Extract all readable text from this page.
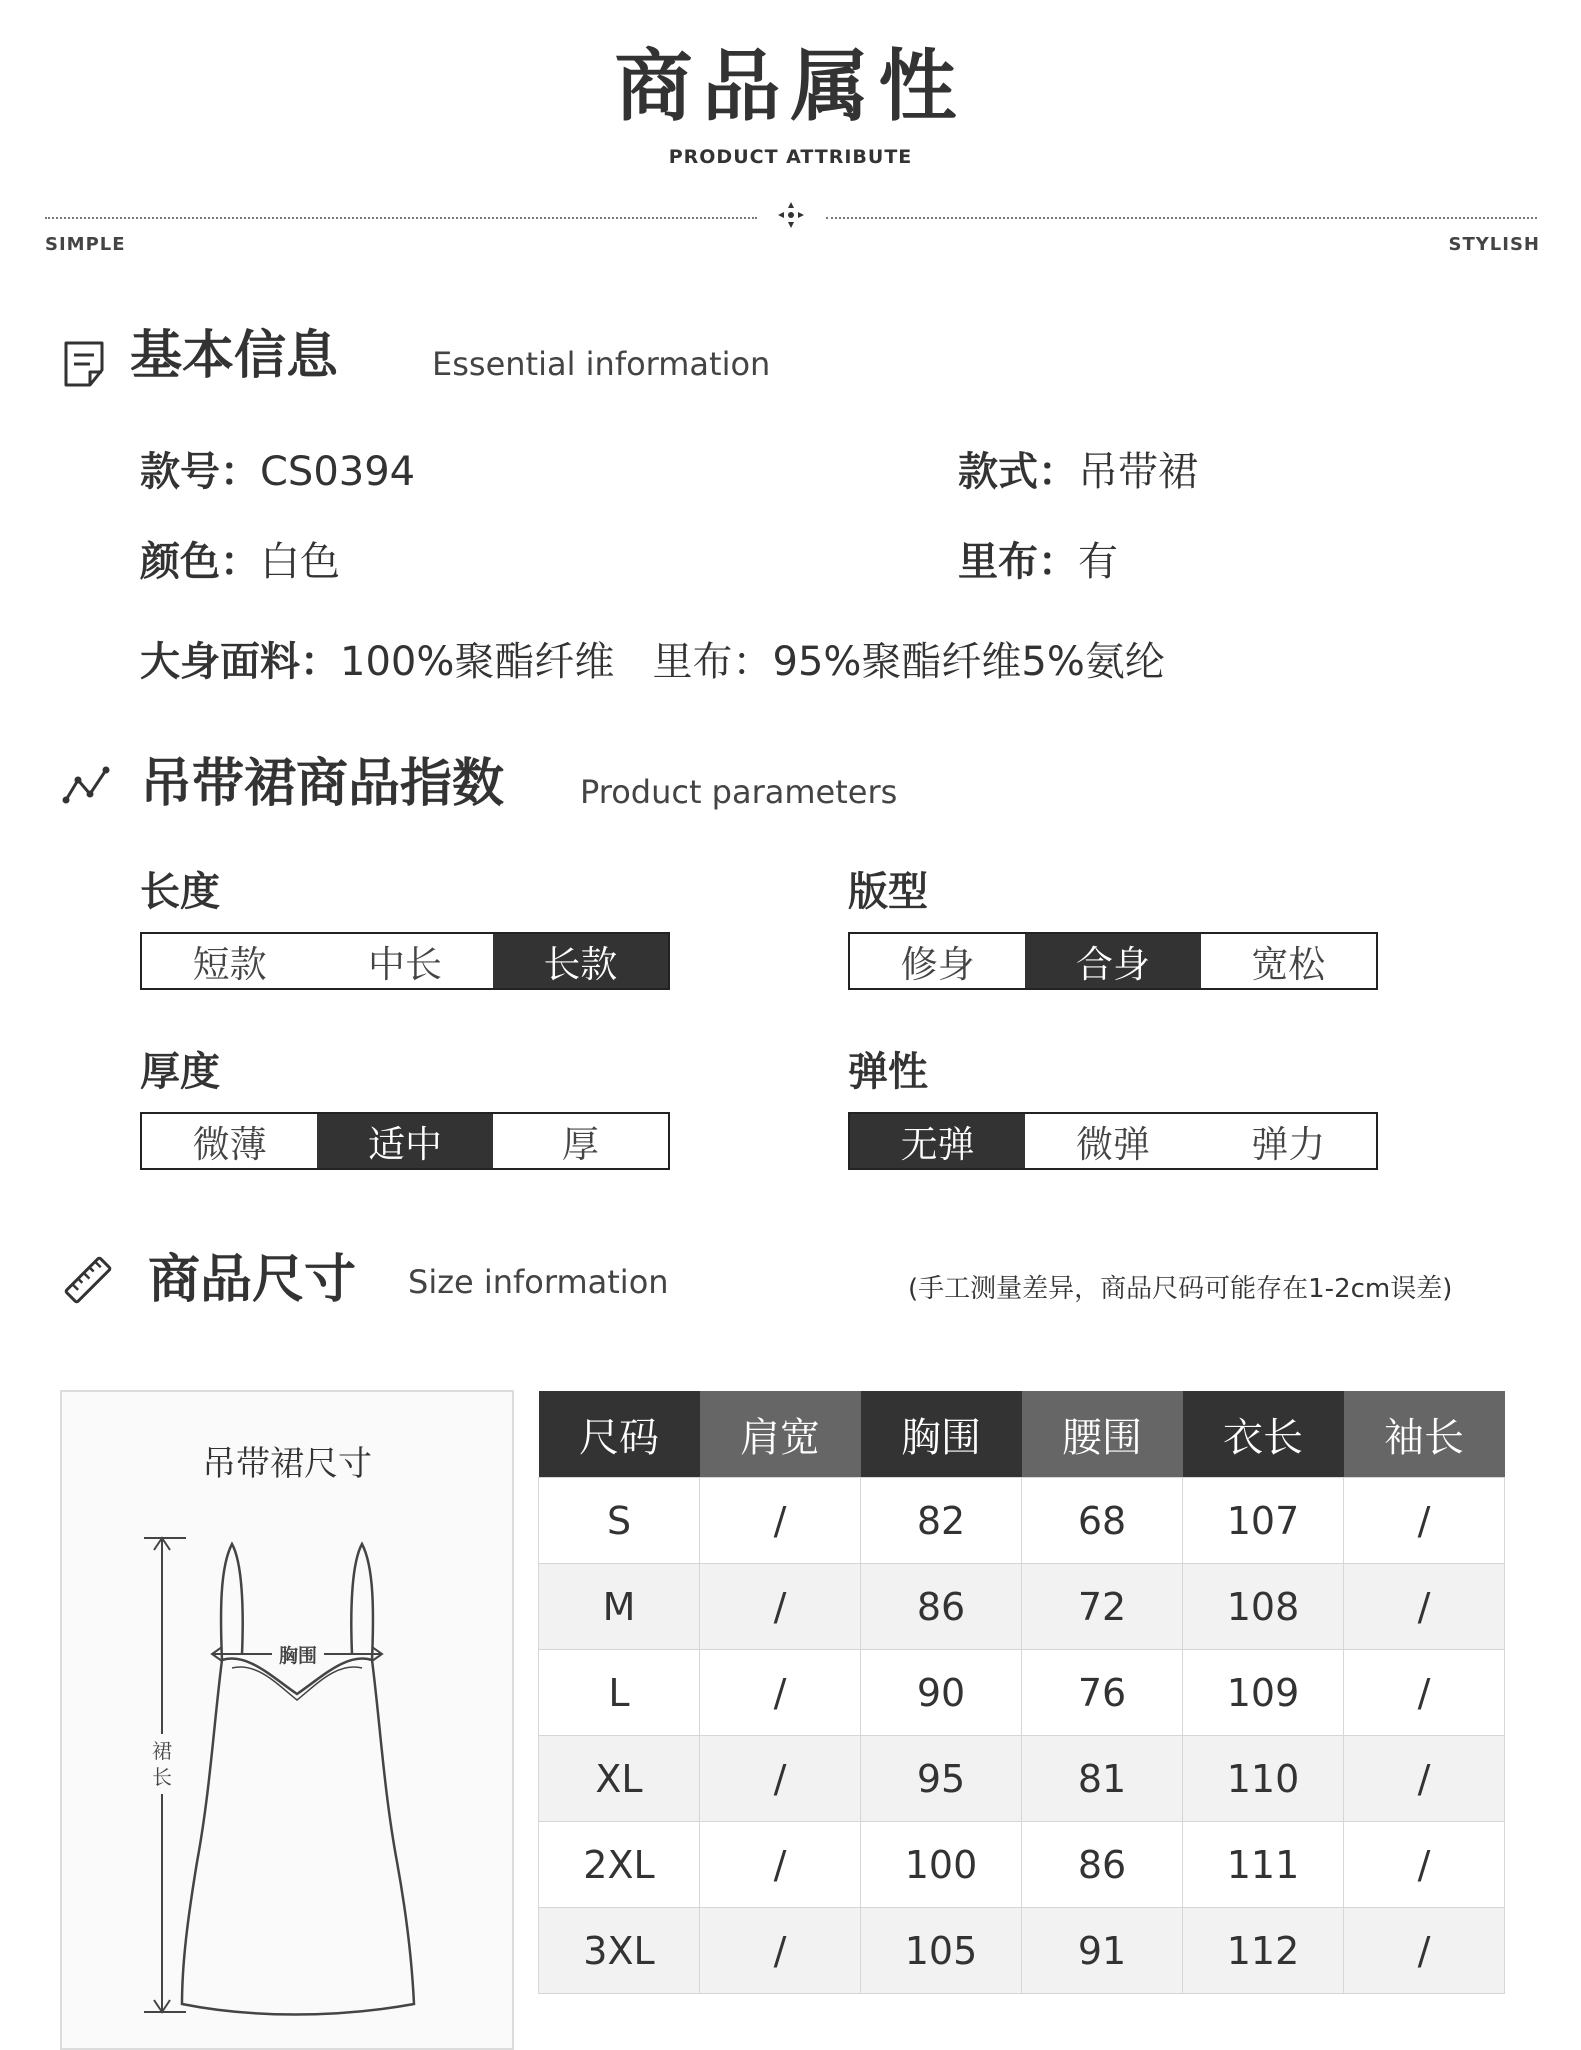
商品属性
PRODUCT ATTRIBUTE
SIMPLE	STYLISH
基本信息	Essential information
款号：CS0394	款式：吊带裙
颜色：白色	里布：有
大身面料：100%聚酯纤维   里布：95%聚酯纤维5%氨纶
吊带裙商品指数 Product parameters
长度
短款	中长	长款
版型
修身	合身	宽松
厚度
微薄	适中	厚
弹性
无弹	微弹	弹力
商品尺寸 Size information	(手工测量差异，商品尺码可能存在1-2cm误差)
吊带裙尺寸
裙
长
胸围
尺码	肩宽	胸围	腰围	衣长	袖长
S	/	82	68	107	/
M	/	86	72	108	/
L	/	90	76	109	/
XL	/	95	81	110	/
2XL	/	100	86	111	/
3XL	/	105	91	112	/
